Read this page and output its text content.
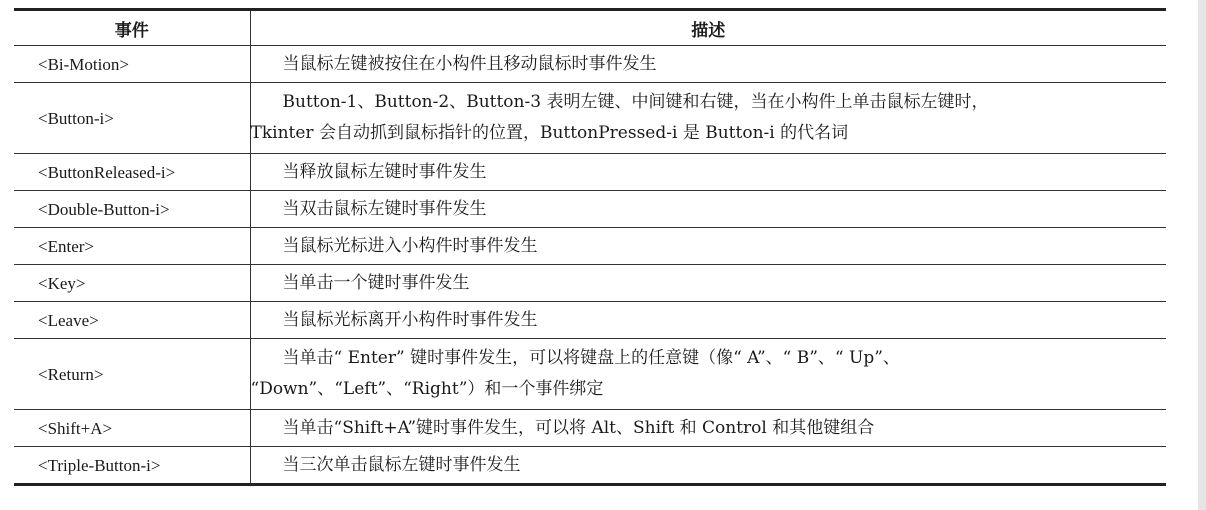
事件	描述
<Bi-Motion>	当鼠标左键被按住在小构件且移动鼠标时事件发生

<Button-i>	Button-1、Button-2、Button-3 表明左键、中间键和右键，当在小构件上单击鼠标左键时，
Tkinter 会自动抓到鼠标指针的位置，ButtonPressed-i 是 Button-i 的代名词

<ButtonReleased-i>	当释放鼠标左键时事件发生

<Double-Button-i>	当双击鼠标左键时事件发生

<Enter>	当鼠标光标进入小构件时事件发生

<Key>	当单击一个键时事件发生

<Leave>	当鼠标光标离开小构件时事件发生

<Return>	当单击“ Enter” 键时事件发生，可以将键盘上的任意键（像“ A”、“ B”、“ Up”、
“Down”、“Left”、“Right”）和一个事件绑定

<Shift+A>	当单击“Shift+A”键时事件发生，可以将 Alt、Shift 和 Control 和其他键组合

<Triple-Button-i>	当三次单击鼠标左键时事件发生
